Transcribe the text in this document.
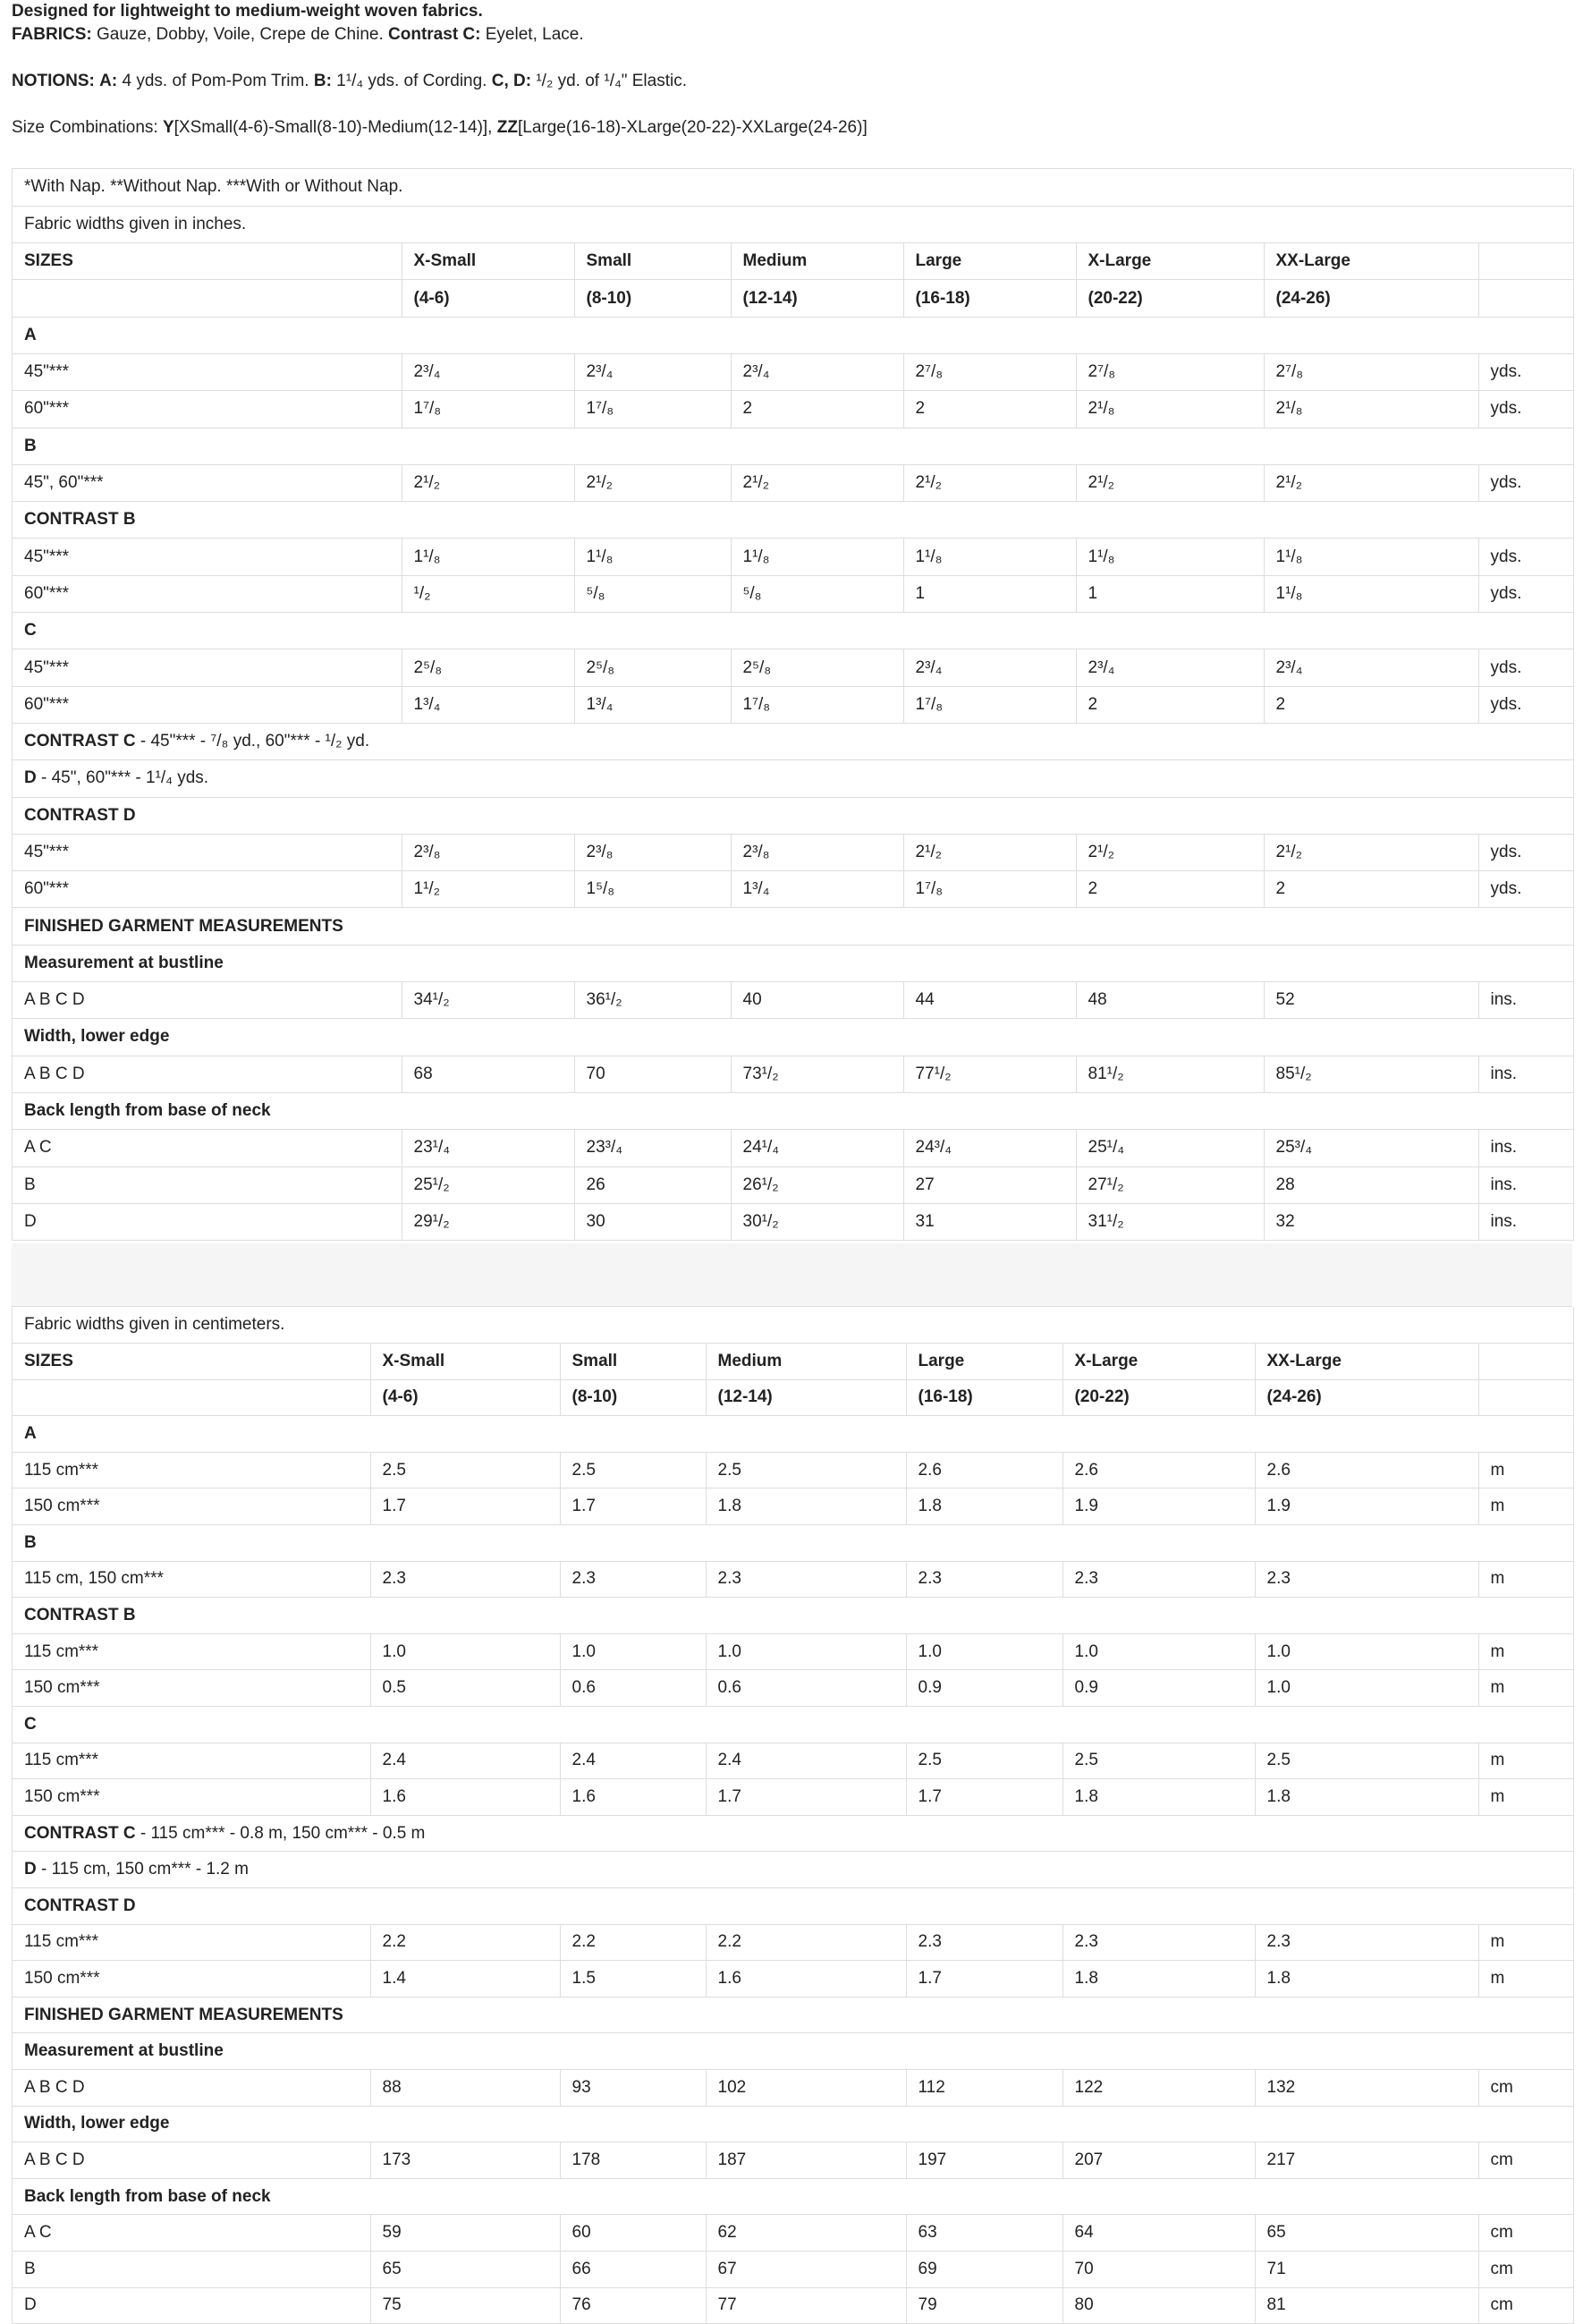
Designed for lightweight to medium-weight woven fabrics.

FABRICS: Gauze, Dobby, Voile, Crepe de Chine. Contrast C: Eyelet, Lace.

NOTIONS: A: 4 yds. of Pom-Pom Trim. B: 1¹/₄ yds. of Cording. C, D: ¹/₂ yd. of ¹/₄" Elastic.

Size Combinations: Y[XSmall(4-6)-Small(8-10)-Medium(12-14)], ZZ[Large(16-18)-XLarge(20-22)-XXLarge(24-26)]

*With Nap. **Without Nap. ***With or Without Nap.							
Fabric widths given in inches.							
SIZES	X-Small	Small	Medium	Large	X-Large	XX-Large	
	(4-6)	(8-10)	(12-14)	(16-18)	(20-22)	(24-26)	
A							
45"***	2³/₄	2³/₄	2³/₄	2⁷/₈	2⁷/₈	2⁷/₈	yds.
60"***	1⁷/₈	1⁷/₈	2	2	2¹/₈	2¹/₈	yds.
B							
45", 60"***	2¹/₂	2¹/₂	2¹/₂	2¹/₂	2¹/₂	2¹/₂	yds.
CONTRAST B							
45"***	1¹/₈	1¹/₈	1¹/₈	1¹/₈	1¹/₈	1¹/₈	yds.
60"***	¹/₂	⁵/₈	⁵/₈	1	1	1¹/₈	yds.
C							
45"***	2⁵/₈	2⁵/₈	2⁵/₈	2³/₄	2³/₄	2³/₄	yds.
60"***	1³/₄	1³/₄	1⁷/₈	1⁷/₈	2	2	yds.
CONTRAST C - 45"*** - ⁷/₈ yd., 60"*** - ¹/₂ yd.							
D - 45", 60"*** - 1¹/₄ yds.							
CONTRAST D							
45"***	2³/₈	2³/₈	2³/₈	2¹/₂	2¹/₂	2¹/₂	yds.
60"***	1¹/₂	1⁵/₈	1³/₄	1⁷/₈	2	2	yds.
FINISHED GARMENT MEASUREMENTS							
Measurement at bustline							
A B C D	34¹/₂	36¹/₂	40	44	48	52	ins.
Width, lower edge							
A B C D	68	70	73¹/₂	77¹/₂	81¹/₂	85¹/₂	ins.
Back length from base of neck							
A C	23¹/₄	23³/₄	24¹/₄	24³/₄	25¹/₄	25³/₄	ins.
B	25¹/₂	26	26¹/₂	27	27¹/₂	28	ins.
D	29¹/₂	30	30¹/₂	31	31¹/₂	32	ins.
Fabric widths given in centimeters.							
SIZES	X-Small	Small	Medium	Large	X-Large	XX-Large	
	(4-6)	(8-10)	(12-14)	(16-18)	(20-22)	(24-26)	
A							
115 cm***	2.5	2.5	2.5	2.6	2.6	2.6	m
150 cm***	1.7	1.7	1.8	1.8	1.9	1.9	m
B							
115 cm, 150 cm***	2.3	2.3	2.3	2.3	2.3	2.3	m
CONTRAST B							
115 cm***	1.0	1.0	1.0	1.0	1.0	1.0	m
150 cm***	0.5	0.6	0.6	0.9	0.9	1.0	m
C							
115 cm***	2.4	2.4	2.4	2.5	2.5	2.5	m
150 cm***	1.6	1.6	1.7	1.7	1.8	1.8	m
CONTRAST C - 115 cm*** - 0.8 m, 150 cm*** - 0.5 m							
D - 115 cm, 150 cm*** - 1.2 m							
CONTRAST D							
115 cm***	2.2	2.2	2.2	2.3	2.3	2.3	m
150 cm***	1.4	1.5	1.6	1.7	1.8	1.8	m
FINISHED GARMENT MEASUREMENTS							
Measurement at bustline							
A B C D	88	93	102	112	122	132	cm
Width, lower edge							
A B C D	173	178	187	197	207	217	cm
Back length from base of neck							
A C	59	60	62	63	64	65	cm
B	65	66	67	69	70	71	cm
D	75	76	77	79	80	81	cm
